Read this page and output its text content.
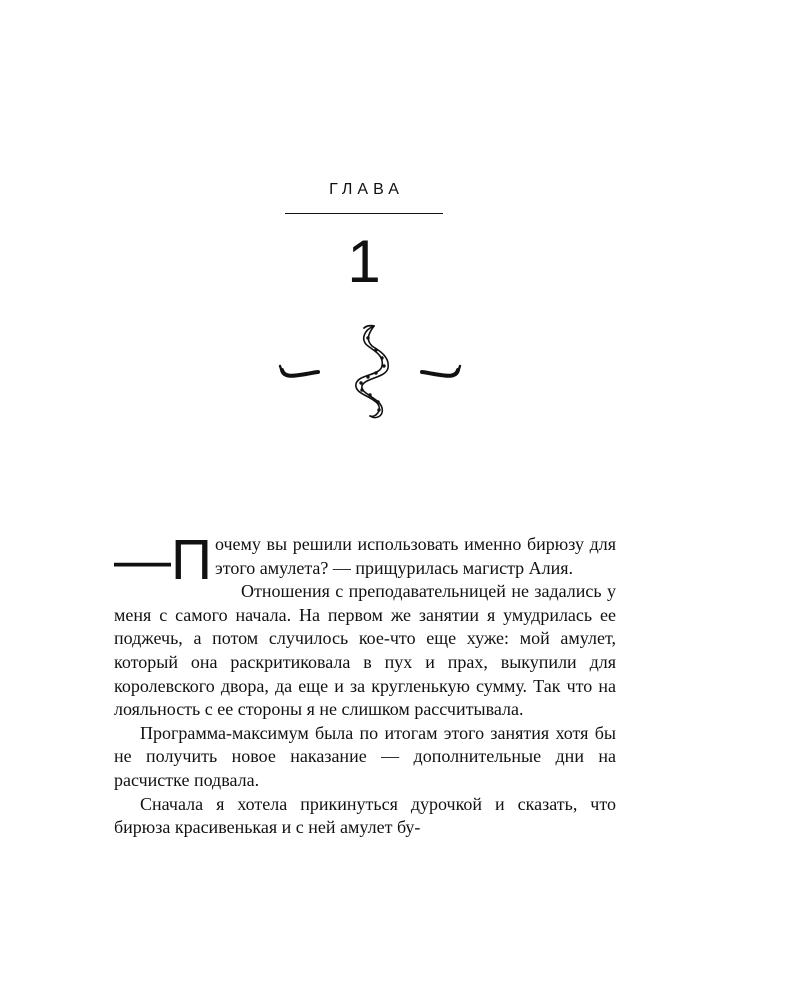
ГЛАВА
1

—П очему вы решили использовать именно бирюзу для этого амулета? — прищурилась магистр Алия.

Отношения с преподавательницей не задались у меня с самого начала. На первом же занятии я умудрилась ее поджечь, а потом случилось кое-что еще хуже: мой амулет, который она раскритиковала в пух и прах, выкупили для королевского двора, да еще и за кругленькую сумму. Так что на лояльность с ее стороны я не слишком рассчитывала.

Программа-максимум была по итогам этого занятия хотя бы не получить новое наказание — дополнительные дни на расчистке подвала.

Сначала я хотела прикинуться дурочкой и сказать, что бирюза красивенькая и с ней амулет бу-
